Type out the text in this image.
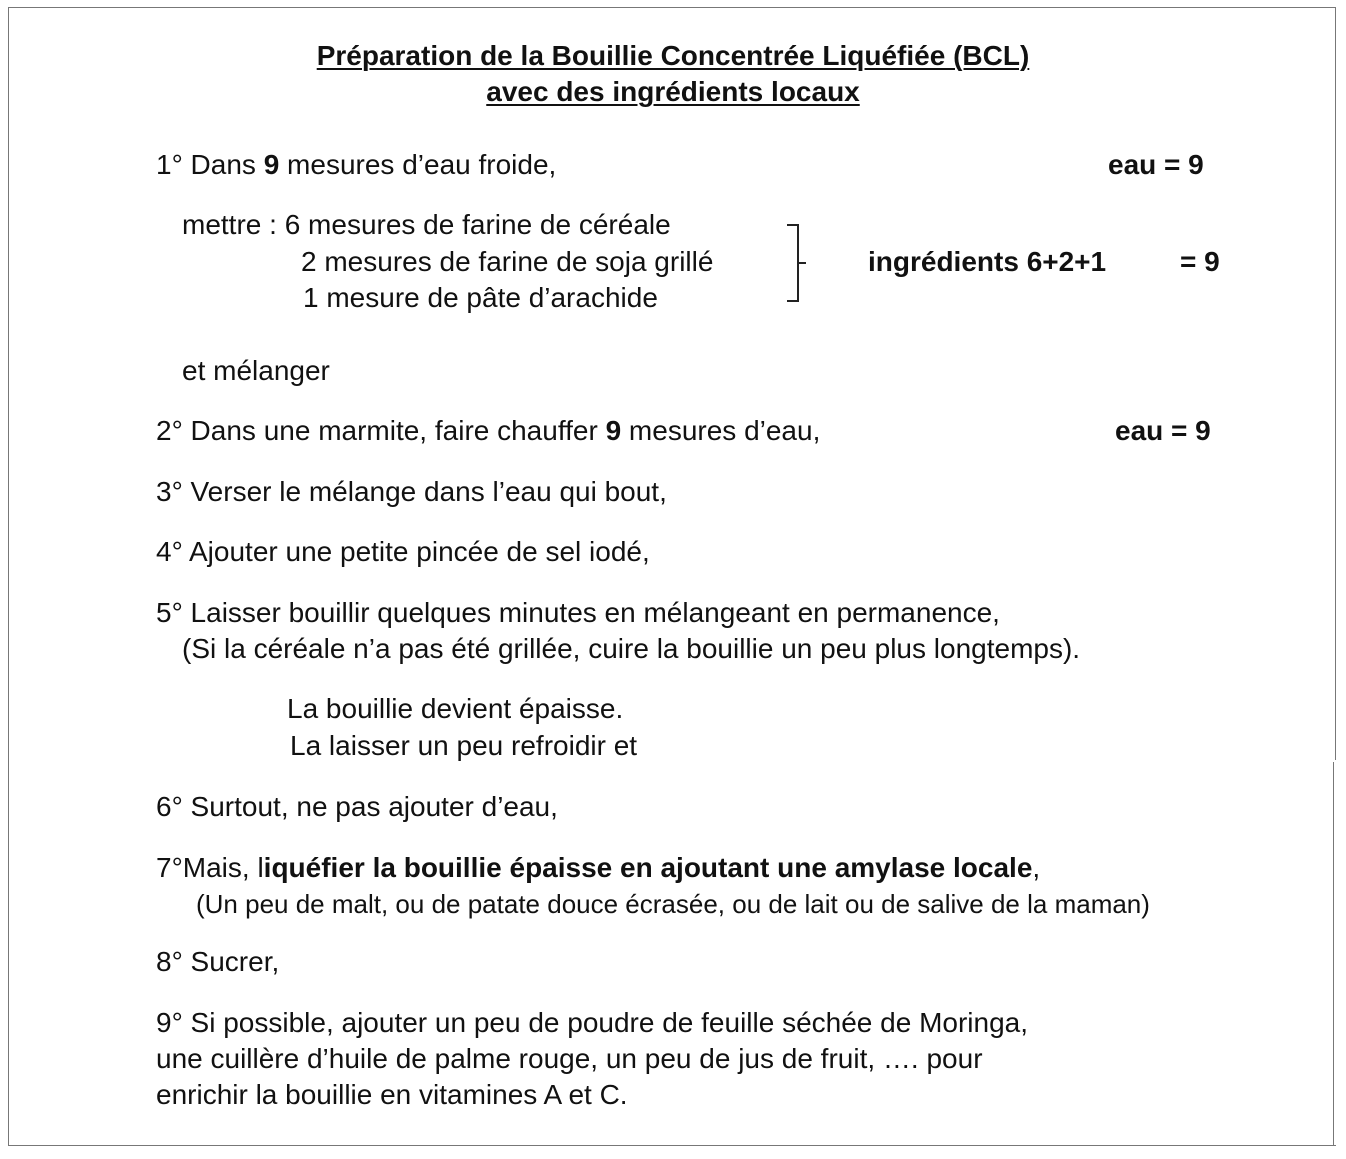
Préparation de la Bouillie Concentrée Liquéfiée (BCL)
avec des ingrédients locaux
1° Dans 9 mesures d’eau froide,	eau = 9
mettre : 6 mesures de farine de céréale
2 mesures de farine de soja grillé
1 mesure de pâte d’arachide
ingrédients 6+2+1	= 9
et mélanger
2° Dans une marmite, faire chauffer 9 mesures d’eau,	eau = 9
3° Verser le mélange dans l’eau qui bout,
4° Ajouter une petite pincée de sel iodé,
5° Laisser bouillir quelques minutes en mélangeant en permanence,
(Si la céréale n’a pas été grillée, cuire la bouillie un peu plus longtemps).
La bouillie devient épaisse.
La laisser un peu refroidir et
6° Surtout, ne pas ajouter d’eau,
7°Mais, liquéfier la bouillie épaisse en ajoutant une amylase locale,
(Un peu de malt, ou de patate douce écrasée, ou de lait ou de salive de la maman)
8° Sucrer,
9° Si possible, ajouter un peu de poudre de feuille séchée de Moringa,
une cuillère d’huile de palme rouge, un peu de jus de fruit, …. pour
enrichir la bouillie en vitamines A et C.
